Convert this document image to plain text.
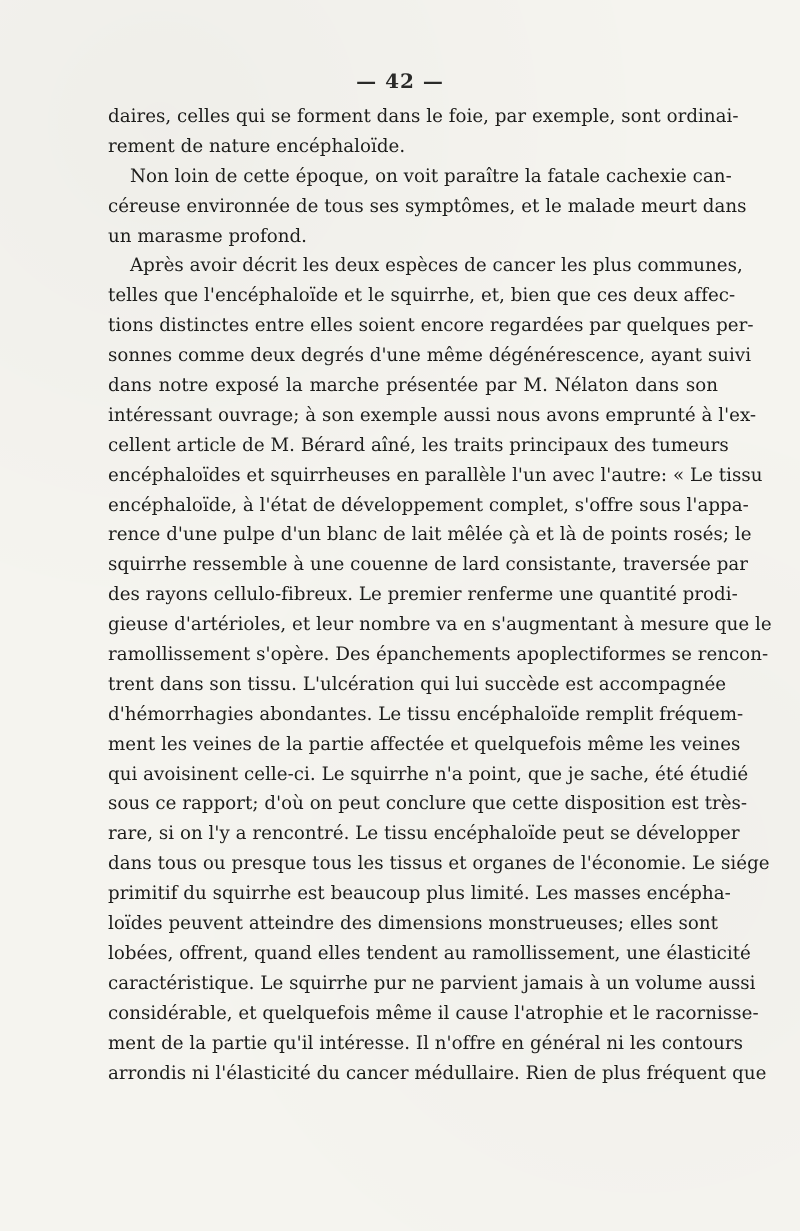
— 42 —
daires, celles qui se forment dans le foie, par exemple, sont ordinai-
rement de nature encéphaloïde.
Non loin de cette époque, on voit paraître la fatale cachexie can-
céreuse environnée de tous ses symptômes, et le malade meurt dans
un marasme profond.
Après avoir décrit les deux espèces de cancer les plus communes,
telles que l'encéphaloïde et le squirrhe, et, bien que ces deux affec-
tions distinctes entre elles soient encore regardées par quelques per-
sonnes comme deux degrés d'une même dégénérescence, ayant suivi
dans notre exposé la marche présentée par M. Nélaton dans son
intéressant ouvrage; à son exemple aussi nous avons emprunté à l'ex-
cellent article de M. Bérard aîné, les traits principaux des tumeurs
encéphaloïdes et squirrheuses en parallèle l'un avec l'autre: « Le tissu
encéphaloïde, à l'état de développement complet, s'offre sous l'appa-
rence d'une pulpe d'un blanc de lait mêlée çà et là de points rosés; le
squirrhe ressemble à une couenne de lard consistante, traversée par
des rayons cellulo-fibreux. Le premier renferme une quantité prodi-
gieuse d'artérioles, et leur nombre va en s'augmentant à mesure que le
ramollissement s'opère. Des épanchements apoplectiformes se rencon-
trent dans son tissu. L'ulcération qui lui succède est accompagnée
d'hémorrhagies abondantes. Le tissu encéphaloïde remplit fréquem-
ment les veines de la partie affectée et quelquefois même les veines
qui avoisinent celle-ci. Le squirrhe n'a point, que je sache, été étudié
sous ce rapport; d'où on peut conclure que cette disposition est très-
rare, si on l'y a rencontré. Le tissu encéphaloïde peut se développer
dans tous ou presque tous les tissus et organes de l'économie. Le siége
primitif du squirrhe est beaucoup plus limité. Les masses encépha-
loïdes peuvent atteindre des dimensions monstrueuses; elles sont
lobées, offrent, quand elles tendent au ramollissement, une élasticité
caractéristique. Le squirrhe pur ne parvient jamais à un volume aussi
considérable, et quelquefois même il cause l'atrophie et le racornisse-
ment de la partie qu'il intéresse. Il n'offre en général ni les contours
arrondis ni l'élasticité du cancer médullaire. Rien de plus fréquent que
